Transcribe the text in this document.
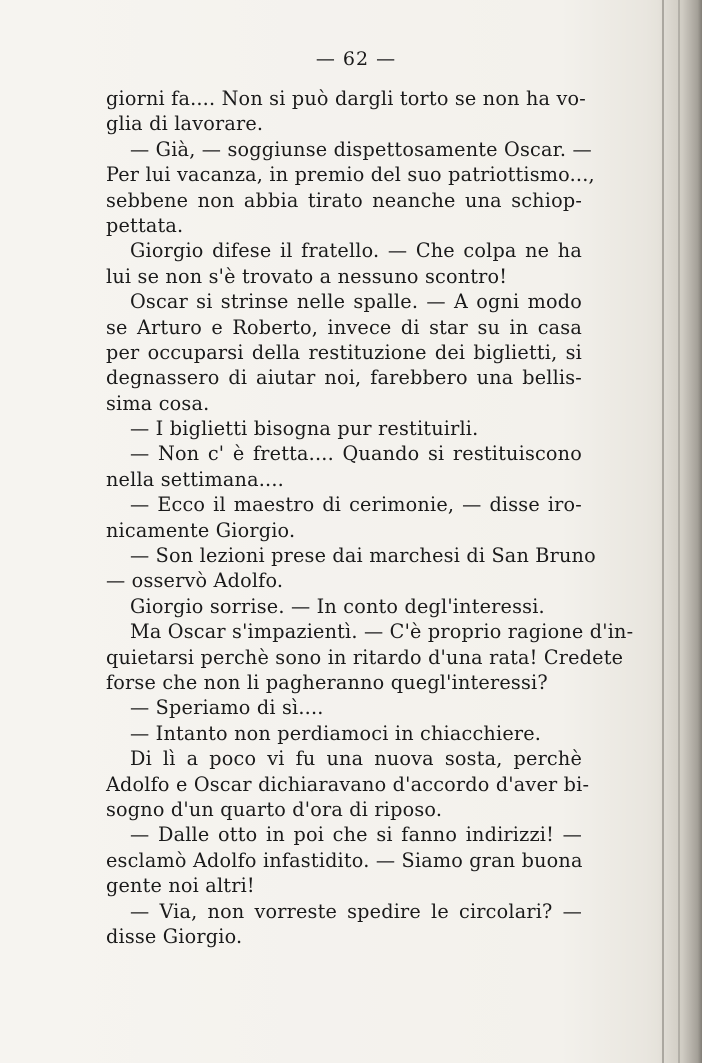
— 62 —
giorni fa.... Non si può dargli torto se non ha vo-
glia di lavorare.
— Già, — soggiunse dispettosamente Oscar. —
Per lui vacanza, in premio del suo patriottismo...,
sebbene non abbia tirato neanche una schiop-
pettata.
Giorgio difese il fratello. — Che colpa ne ha
lui se non s'è trovato a nessuno scontro!
Oscar si strinse nelle spalle. — A ogni modo
se Arturo e Roberto, invece di star su in casa
per occuparsi della restituzione dei biglietti, si
degnassero di aiutar noi, farebbero una bellis-
sima cosa.
— I biglietti bisogna pur restituirli.
— Non c' è fretta.... Quando si restituiscono
nella settimana....
— Ecco il maestro di cerimonie, — disse iro-
nicamente Giorgio.
— Son lezioni prese dai marchesi di San Bruno
— osservò Adolfo.
Giorgio sorrise. — In conto degl'interessi.
Ma Oscar s'impazientì. — C'è proprio ragione d'in-
quietarsi perchè sono in ritardo d'una rata! Credete
forse che non li pagheranno quegl'interessi?
— Speriamo di sì....
— Intanto non perdiamoci in chiacchiere.
Di lì a poco vi fu una nuova sosta, perchè
Adolfo e Oscar dichiaravano d'accordo d'aver bi-
sogno d'un quarto d'ora di riposo.
— Dalle otto in poi che si fanno indirizzi! —
esclamò Adolfo infastidito. — Siamo gran buona
gente noi altri!
— Via, non vorreste spedire le circolari? —
disse Giorgio.
